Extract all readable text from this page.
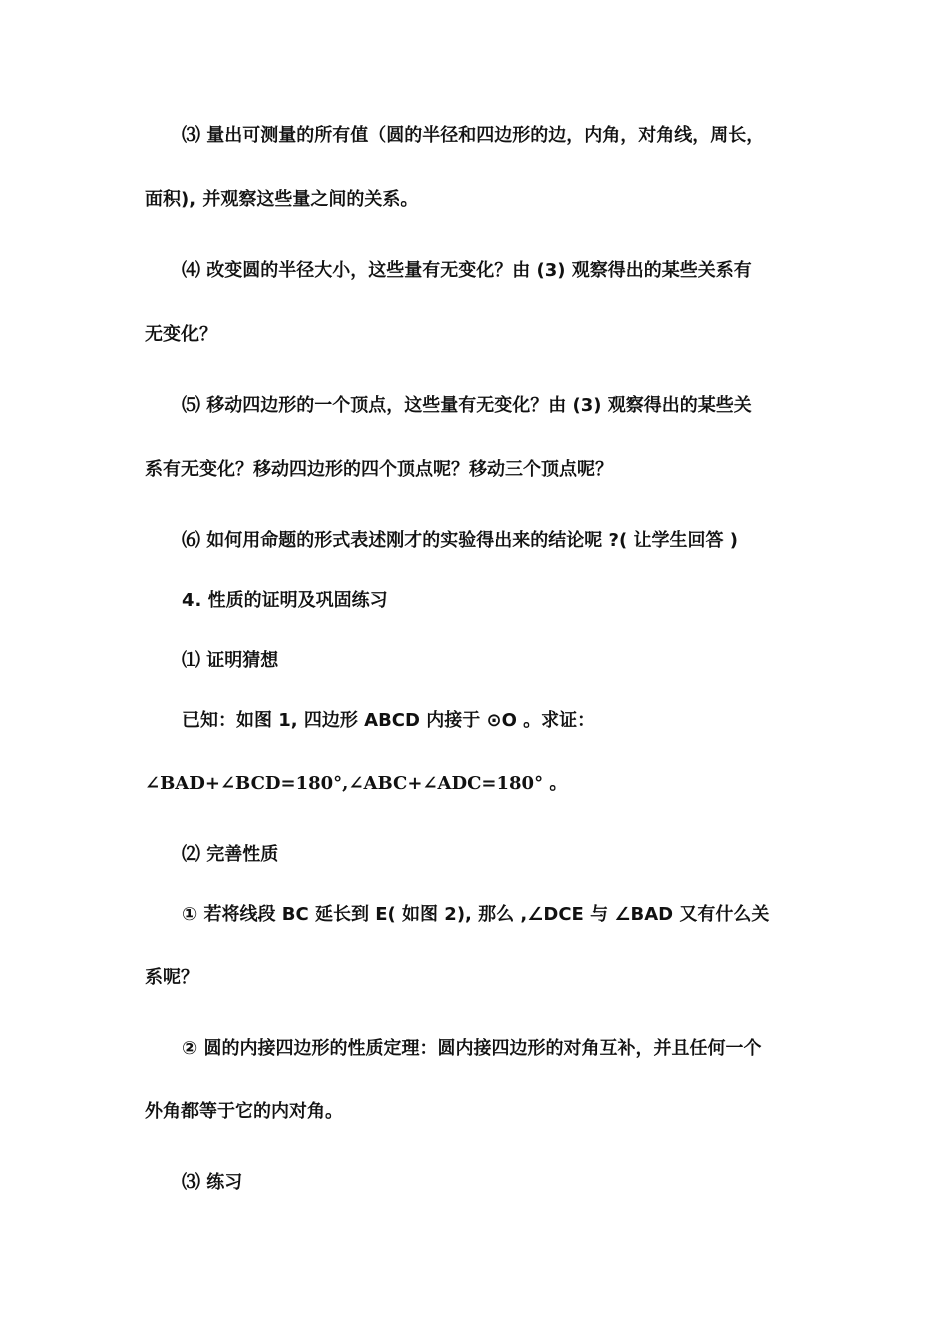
⑶ 量出可测量的所有值（圆的半径和四边形的边，内角，对角线，周长，
面积), 并观察这些量之间的关系。
⑷ 改变圆的半径大小，这些量有无变化？由 (3) 观察得出的某些关系有
无变化？
⑸ 移动四边形的一个顶点，这些量有无变化？由 (3) 观察得出的某些关
系有无变化？移动四边形的四个顶点呢？移动三个顶点呢？
⑹ 如何用命题的形式表述刚才的实验得出来的结论呢 ?( 让学生回答 )
4. 性质的证明及巩固练习
⑴ 证明猜想
已知：如图 1, 四边形 ABCD 内接于 ⊙O 。求证：
∠BAD+∠BCD=180°,∠ABC+∠ADC=180° 。
⑵ 完善性质
① 若将线段 BC 延长到 E( 如图 2), 那么 ,∠DCE 与 ∠BAD 又有什么关
系呢？
② 圆的内接四边形的性质定理：圆内接四边形的对角互补，并且任何一个
外角都等于它的内对角。
⑶ 练习
